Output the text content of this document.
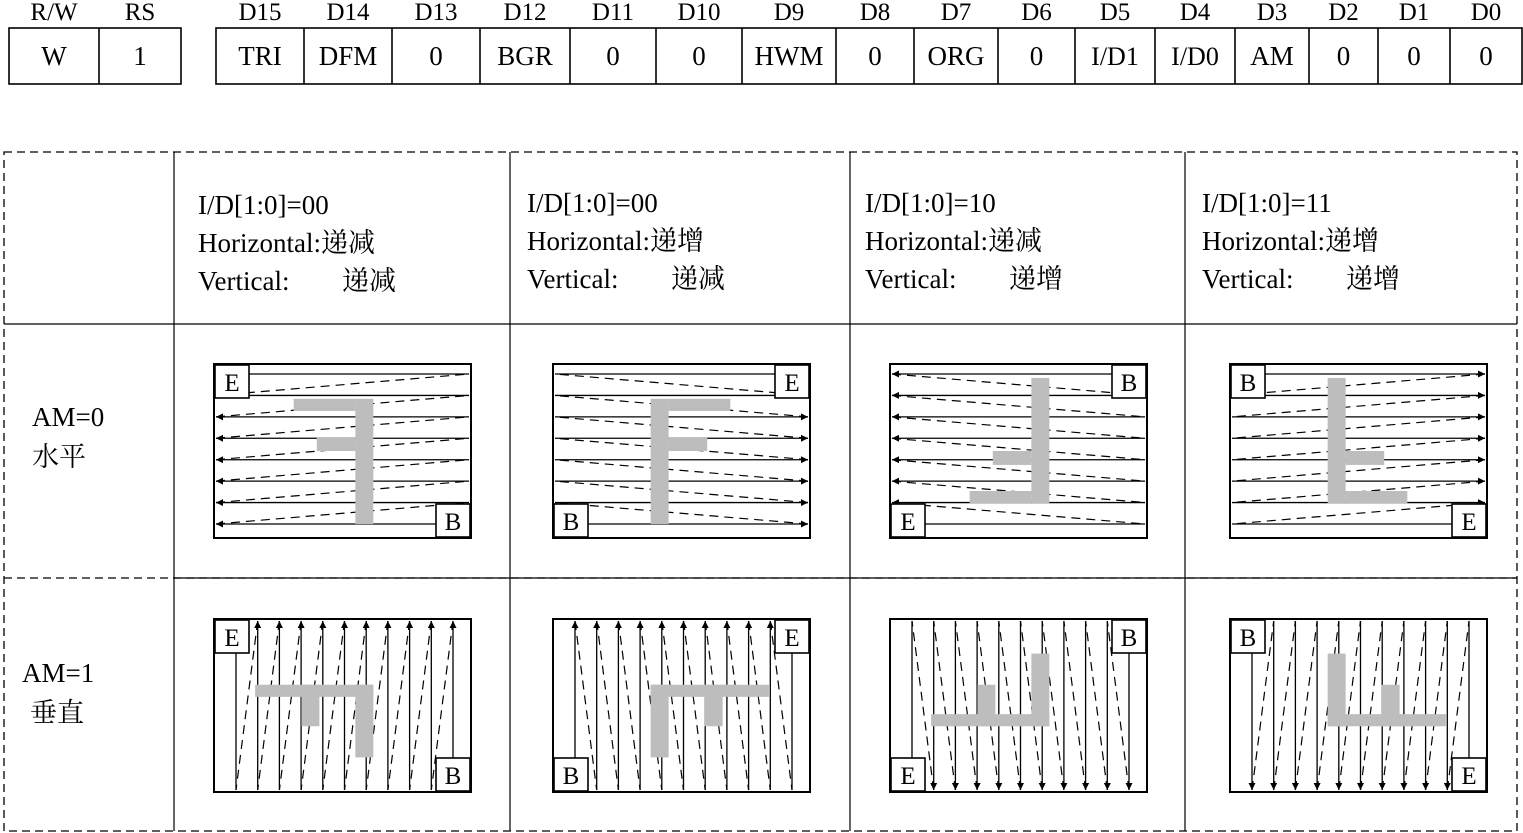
R/W
W
RS
1
D15
TRI
D14
DFM
D13
0
D12
BGR
D11
0
D10
0
D9
HWM
D8
0
D7
ORG
D6
0
D5
I/D1
D4
I/D0
D3
AM
D2
0
D1
0
D0
0
I/D[1:0]=00
Horizontal:递减
Vertical: 递减
I/D[1:0]=00
Horizontal:递增
Vertical: 递减
I/D[1:0]=10
Horizontal:递减
Vertical: 递增
I/D[1:0]=11
Horizontal:递增
Vertical: 递增
AM=0
水平
AM=1
垂直
B
E
B
E
B
E
B
E
B
E
B
E
B
E
B
E
